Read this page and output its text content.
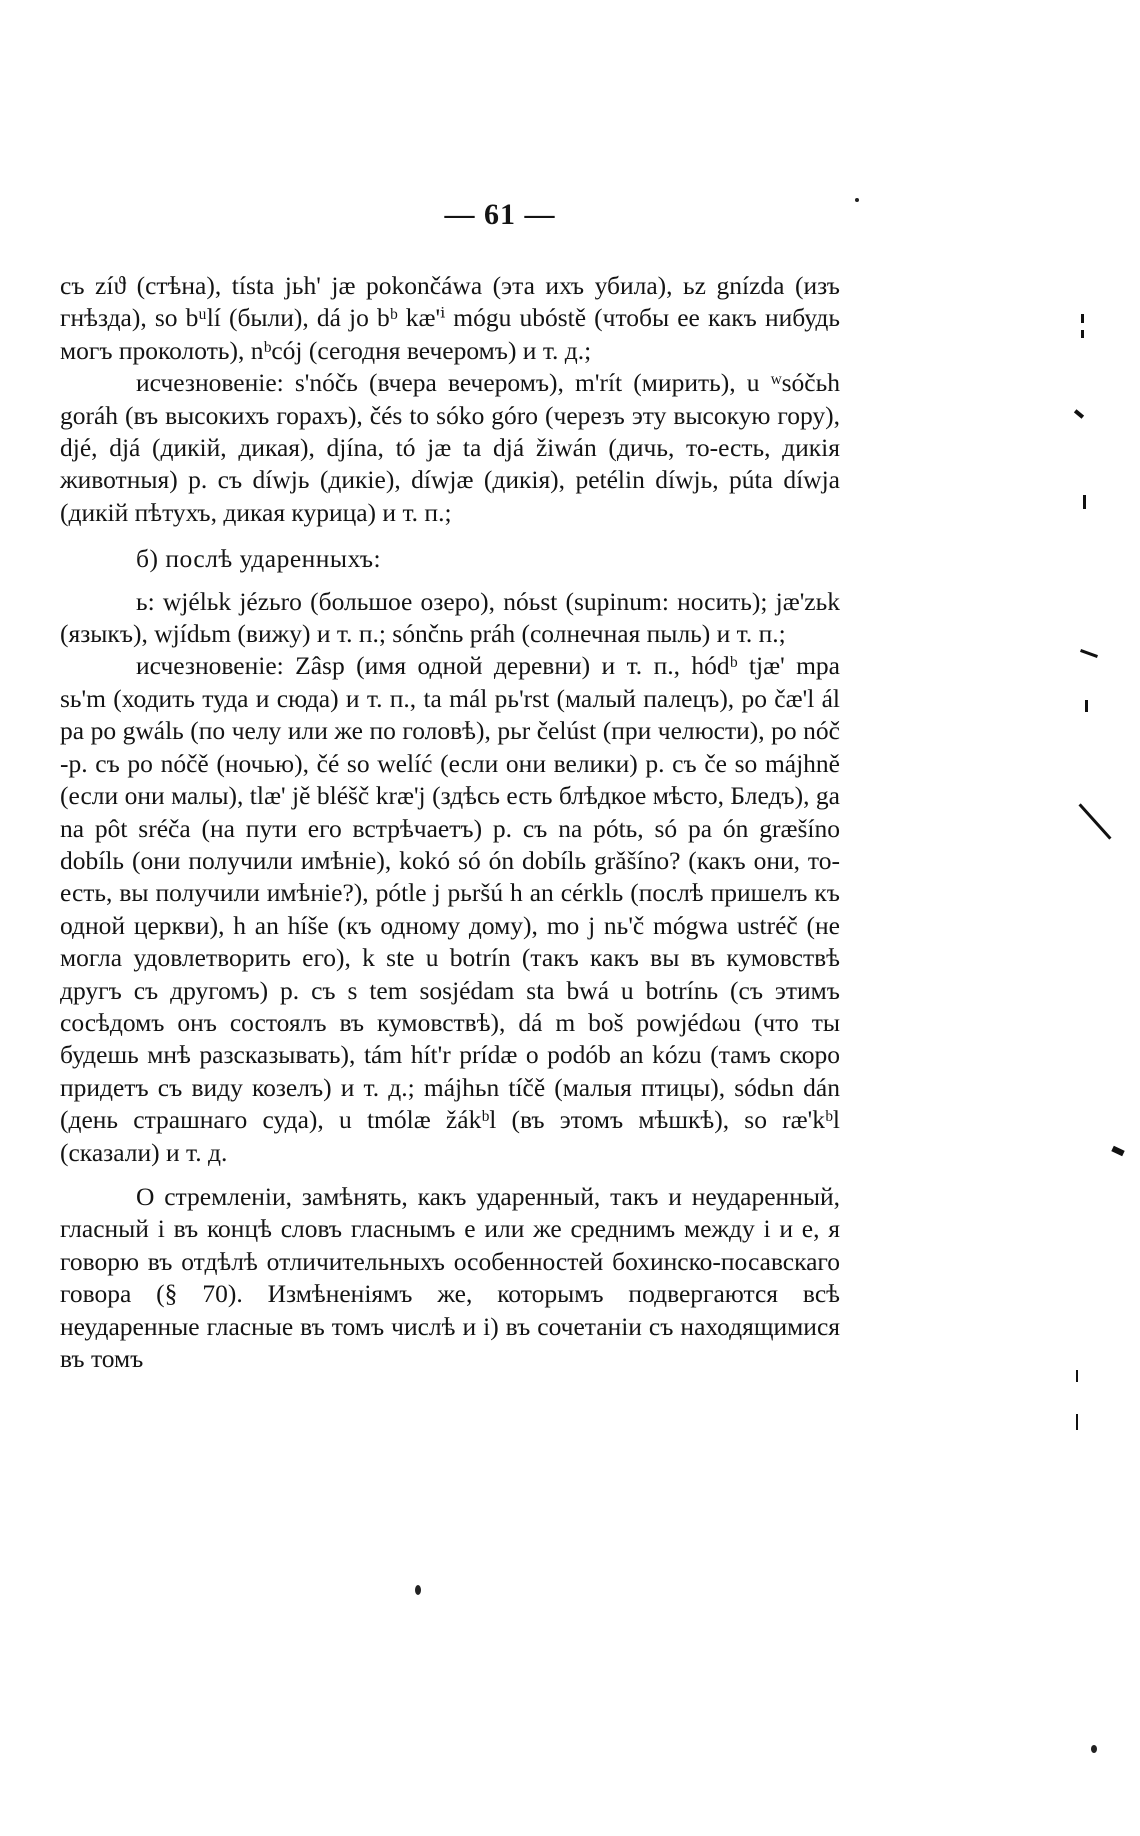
— 61 —

съ zíϑ (стѣна), tísta jьh' jæ pokončáwa (эта ихъ убила), ьz gnízda (изъ гнѣзда), so bᵘlí (были), dá jo bᵇ kæ'ⁱ mógu ubóstě (чтобы ее какъ нибудь могъ проколоть), nᵇcój (сегодня вечеромъ) и т. д.;

исчезновеніе: s'nóčь (вчера вечеромъ), m'rít (мирить), u ʷsóčьh goráh (въ высокихъ горахъ), čés to sóko góro (черезъ эту высокую гору), djé, djá (дикій, дикая), djína, tó jæ ta djá žiwán (дичь, то-есть, дикія животныя) р. съ díwjь (дикіе), díwjæ (дикія), petélin díwjь, púta díwja (дикій пѣтухъ, дикая курица) и т. п.;

б) послѣ ударенныхъ:

ь: wjélьk jézьro (большое озеро), nóьst (supinum: носить); jæ'zьk (языкъ), wjídьm (вижу) и т. п.; sónčnь práh (солнечная пыль) и т. п.;

исчезновеніе: Zâsp (имя одной деревни) и т. п., hódᵇ tjæ' mpa sь'm (ходить туда и сюда) и т. п., ta mál pь'rst (малый палецъ), po čæ'l ál pa po gwálь (по челу или же по головѣ), pьr čelúst (при челюсти), po nóč -р. съ po nóčě (ночью), čé so welíć (если они велики) р. съ če so májhně (если они малы), tlæ' jě bléšč kræ'j (здѣсь есть блѣдкое мѣсто, Бледъ), ga na pôt sréča (на пути его встрѣчаетъ) р. съ na pótь, só pa ón græšíno dobílь (они получили имѣніе), kokó só ón dobílь grǎšíno? (какъ они, то-есть, вы получили имѣніе?), pótle j pьršú h an cérklь (послѣ пришелъ къ одной церкви), h an híše (къ одному дому), mo j nь'č mógwa ustréč (не могла удовлетворить его), k ste u botrín (такъ какъ вы въ кумовствѣ другъ съ другомъ) р. съ s tem sosjédam sta bwá u botrínь (съ этимъ сосѣдомъ онъ состоялъ въ кумовствѣ), dá m boš powjédωu (что ты будешь мнѣ разсказывать), tám hít'r prídæ o podób an kózu (тамъ скоро придетъ съ виду козелъ) и т. д.; májhьn tíčě (малыя птицы), sódьn dán (день страшнаго суда), u tmólæ žákᵇl (въ этомъ мѣшкѣ), so ræ'kᵇl (сказали) и т. д.

О стремленіи, замѣнять, какъ ударенный, такъ и неударенный, гласный i въ концѣ словъ гласнымъ e или же среднимъ между i и e, я говорю въ отдѣлѣ отличительныхъ особенностей бохинско-посавскаго говора (§ 70). Измѣненіямъ же, которымъ подвергаются всѣ неударенные гласные въ томъ числѣ и i) въ сочетаніи съ находящимися въ томъ
